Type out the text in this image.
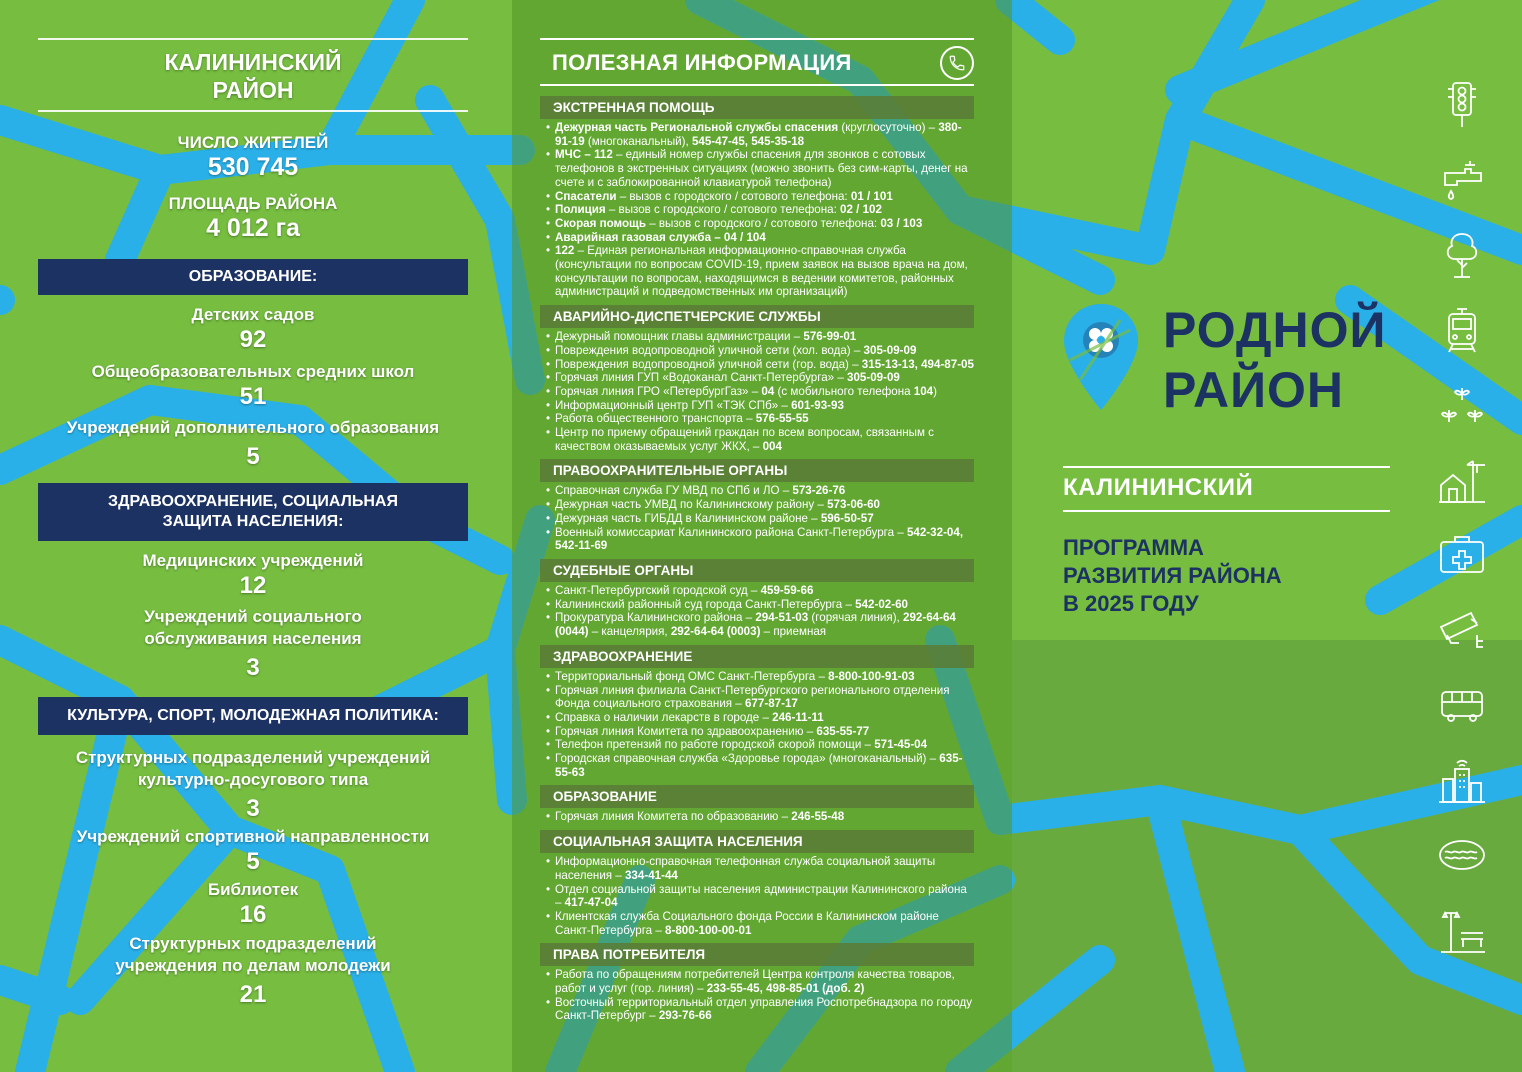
КАЛИНИНСКИЙ
РАЙОН
ЧИСЛО ЖИТЕЛЕЙ
530 745
ПЛОЩАДЬ РАЙОНА
4 012 га
ОБРАЗОВАНИЕ:
Детских садов
92
Общеобразовательных средних школ
51
Учреждений дополнительного образования
5
ЗДРАВООХРАНЕНИЕ, СОЦИАЛЬНАЯ
ЗАЩИТА НАСЕЛЕНИЯ:
Медицинских учреждений
12
Учреждений социального
обслуживания населения
3
КУЛЬТУРА, СПОРТ, МОЛОДЕЖНАЯ ПОЛИТИКА:
Структурных подразделений учреждений
культурно-досугового типа
3
Учреждений спортивной направленности
5
Библиотек
16
Структурных подразделений
учреждения по делам молодежи
21
ПОЛЕЗНАЯ ИНФОРМАЦИЯ
ЭКСТРЕННАЯ ПОМОЩЬ
• Дежурная часть Региональной службы спасения (круглосуточно) – 380-91-19 (многоканальный), 545-47-45, 545-35-18
• МЧС – 112 – единый номер службы спасения для звонков с сотовых телефонов в экстренных ситуациях (можно звонить без сим-карты, денег на счете и с заблокированной клавиатурой телефона)
• Спасатели – вызов с городского / сотового телефона: 01 / 101
• Полиция – вызов с городского / сотового телефона: 02 / 102
• Скорая помощь – вызов с городского / сотового телефона: 03 / 103
• Аварийная газовая служба – 04 / 104
• 122 – Единая региональная информационно-справочная служба (консультации по вопросам COVID-19, прием заявок на вызов врача на дом, консультации по вопросам, находящимся в ведении комитетов, районных администраций и подведомственных им организаций)
АВАРИЙНО-ДИСПЕТЧЕРСКИЕ СЛУЖБЫ
• Дежурный помощник главы администрации – 576-99-01
• Повреждения водопроводной уличной сети (хол. вода) – 305-09-09
• Повреждения водопроводной уличной сети (гор. вода) – 315-13-13, 494-87-05
• Горячая линия ГУП «Водоканал Санкт-Петербурга» – 305-09-09
• Горячая линия ГРО «ПетербургГаз» – 04 (с мобильного телефона 104)
• Информационный центр ГУП «ТЭК СПб» – 601-93-93
• Работа общественного транспорта – 576-55-55
• Центр по приему обращений граждан по всем вопросам, связанным с качеством оказываемых услуг ЖКХ, – 004
ПРАВООХРАНИТЕЛЬНЫЕ ОРГАНЫ
• Справочная служба ГУ МВД по СПб и ЛО – 573-26-76
• Дежурная часть УМВД по Калининскому району – 573-06-60
• Дежурная часть ГИБДД в Калининском районе – 596-50-57
• Военный комиссариат Калининского района Санкт-Петербурга – 542-32-04, 542-11-69
СУДЕБНЫЕ ОРГАНЫ
• Санкт-Петербургский городской суд – 459-59-66
• Калининский районный суд города Санкт-Петербурга – 542-02-60
• Прокуратура Калининского района – 294-51-03 (горячая линия), 292-64-64 (0044) – канцелярия, 292-64-64 (0003) – приемная
ЗДРАВООХРАНЕНИЕ
• Территориальный фонд ОМС Санкт-Петербурга – 8-800-100-91-03
• Горячая линия филиала Санкт-Петербургского регионального отделения Фонда социального страхования – 677-87-17
• Справка о наличии лекарств в городе – 246-11-11
• Горячая линия Комитета по здравоохранению – 635-55-77
• Телефон претензий по работе городской скорой помощи – 571-45-04
• Городская справочная служба «Здоровье города» (многоканальный) – 635-55-63
ОБРАЗОВАНИЕ
• Горячая линия Комитета по образованию – 246-55-48
СОЦИАЛЬНАЯ ЗАЩИТА НАСЕЛЕНИЯ
• Информационно-справочная телефонная служба социальной защиты населения – 334-41-44
• Отдел социальной защиты населения администрации Калининского района – 417-47-04
• Клиентская служба Социального фонда России в Калининском районе Санкт-Петербурга – 8-800-100-00-01
ПРАВА ПОТРЕБИТЕЛЯ
• Работа по обращениям потребителей Центра контроля качества товаров, работ и услуг (гор. линия) – 233-55-45, 498-85-01 (доб. 2)
• Восточный территориальный отдел управления Роспотребнадзора по городу Санкт-Петербург – 293-76-66
РОДНОЙ
РАЙОН
КАЛИНИНСКИЙ
ПРОГРАММА
РАЗВИТИЯ РАЙОНА
В 2025 ГОДУ
